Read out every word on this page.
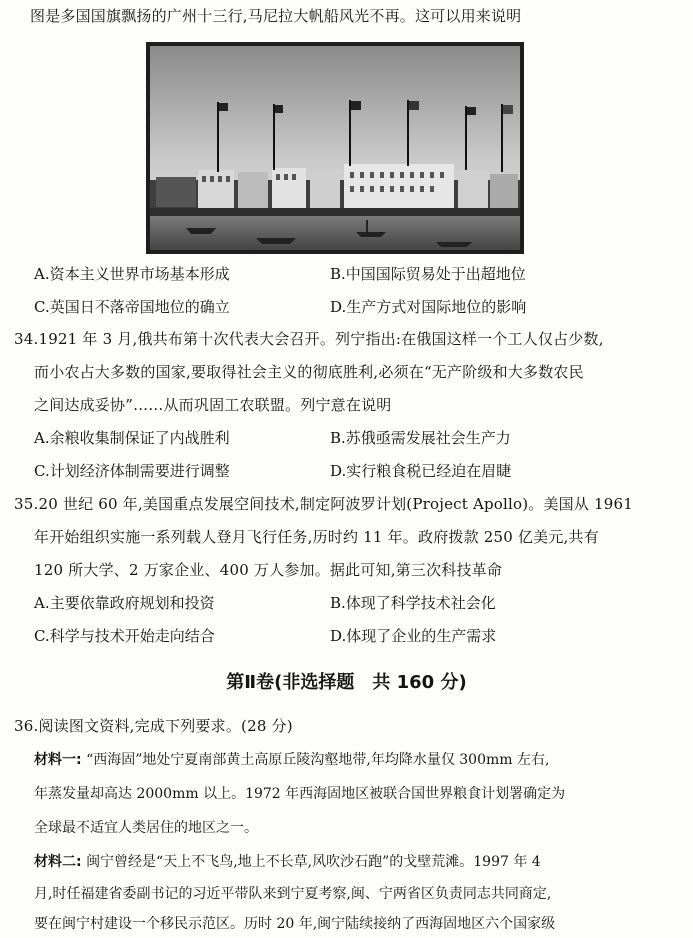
图是多国国旗飘扬的广州十三行,马尼拉大帆船风光不再。这可以用来说明
A.资本主义世界市场基本形成	B.中国国际贸易处于出超地位
C.英国日不落帝国地位的确立	D.生产方式对国际地位的影响
34.1921 年 3 月,俄共布第十次代表大会召开。列宁指出:在俄国这样一个工人仅占少数,
而小农占大多数的国家,要取得社会主义的彻底胜利,必须在“无产阶级和大多数农民
之间达成妥协”……从而巩固工农联盟。列宁意在说明
A.余粮收集制保证了内战胜利	B.苏俄亟需发展社会生产力
C.计划经济体制需要进行调整	D.实行粮食税已经迫在眉睫
35.20 世纪 60 年,美国重点发展空间技术,制定阿波罗计划(Project Apollo)。美国从 1961
年开始组织实施一系列载人登月飞行任务,历时约 11 年。政府拨款 250 亿美元,共有
120 所大学、2 万家企业、400 万人参加。据此可知,第三次科技革命
A.主要依靠政府规划和投资	B.体现了科学技术社会化
C.科学与技术开始走向结合	D.体现了企业的生产需求
第Ⅱ卷(非选择题　共 160 分)
36.阅读图文资料,完成下列要求。(28 分)
材料一: “西海固”地处宁夏南部黄土高原丘陵沟壑地带,年均降水量仅 300mm 左右,
年蒸发量却高达 2000mm 以上。1972 年西海固地区被联合国世界粮食计划署确定为
全球最不适宜人类居住的地区之一。
材料二: 闽宁曾经是“天上不飞鸟,地上不长草,风吹沙石跑”的戈壁荒滩。1997 年 4
月,时任福建省委副书记的习近平带队来到宁夏考察,闽、宁两省区负责同志共同商定,
要在闽宁村建设一个移民示范区。历时 20 年,闽宁陆续接纳了西海固地区六个国家级
